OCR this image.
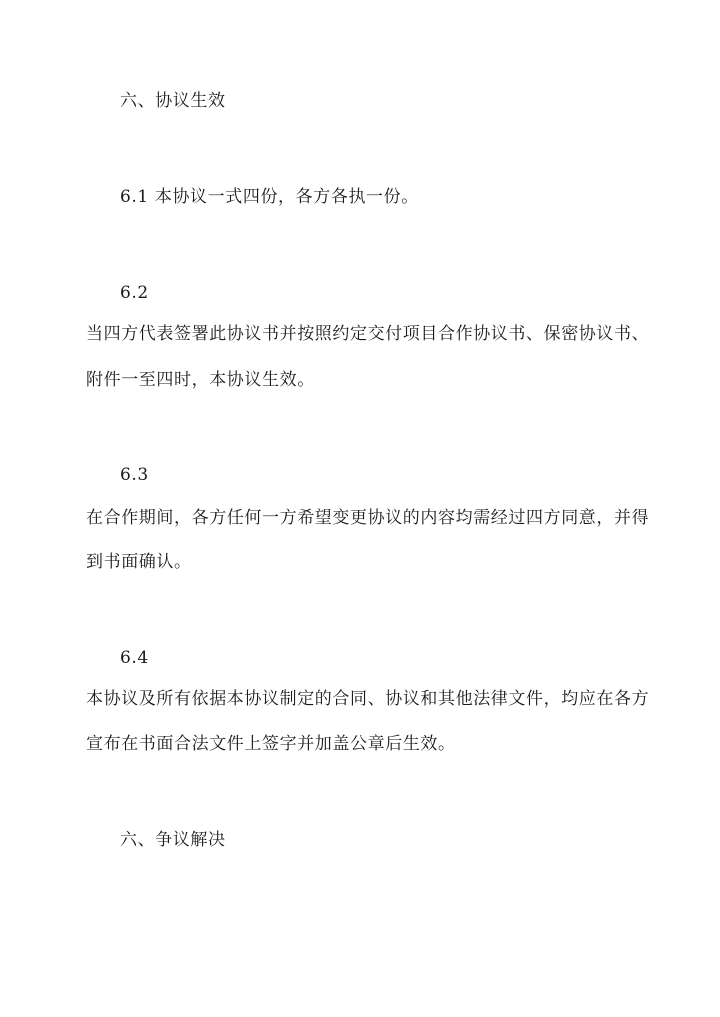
六、协议生效
6.1 本协议一式四份，各方各执一份。
6.2
当四方代表签署此协议书并按照约定交付项目合作协议书、保密协议书、
附件一至四时，本协议生效。
6.3
在合作期间，各方任何一方希望变更协议的内容均需经过四方同意，并得
到书面确认。
6.4
本协议及所有依据本协议制定的合同、协议和其他法律文件，均应在各方
宣布在书面合法文件上签字并加盖公章后生效。
六、争议解决
